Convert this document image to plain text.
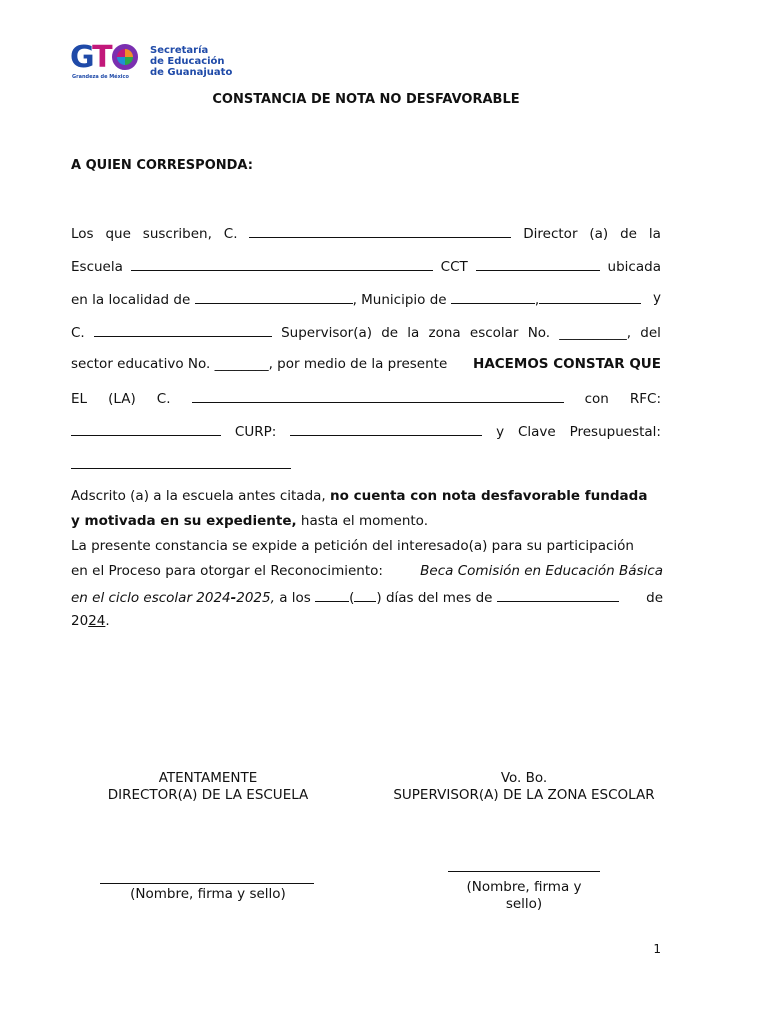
GT
Grandeza de México
Secretaría
de Educación
de Guanajuato
CONSTANCIA DE NOTA NO DESFAVORABLE
A QUIEN CORRESPONDA:
Los que suscriben, C.	Director (a) de la
Escuela	CCT	ubicada
en la localidad de	, Municipio de	,	y
C.	Supervisor(a) de la zona escolar No. __________, del
sector educativo No. ________, por medio de la presente HACEMOS CONSTAR QUE
EL (LA) C.	con RFC:
CURP:	y Clave Presupuestal:
Adscrito (a) a la escuela antes citada, no cuenta con nota desfavorable fundada
y motivada en su expediente, hasta el momento.
La presente constancia se expide a petición del interesado(a) para su participación
en el Proceso para otorgar el Reconocimiento:	Beca Comisión en Educación Básica
en el ciclo escolar 2024-2025, a los	( ) días del mes de	de
2024.
ATENTAMENTE
DIRECTOR(A) DE LA ESCUELA
Vo. Bo.
SUPERVISOR(A) DE LA ZONA ESCOLAR
(Nombre, firma y sello)	(Nombre, firma y
sello)
1
